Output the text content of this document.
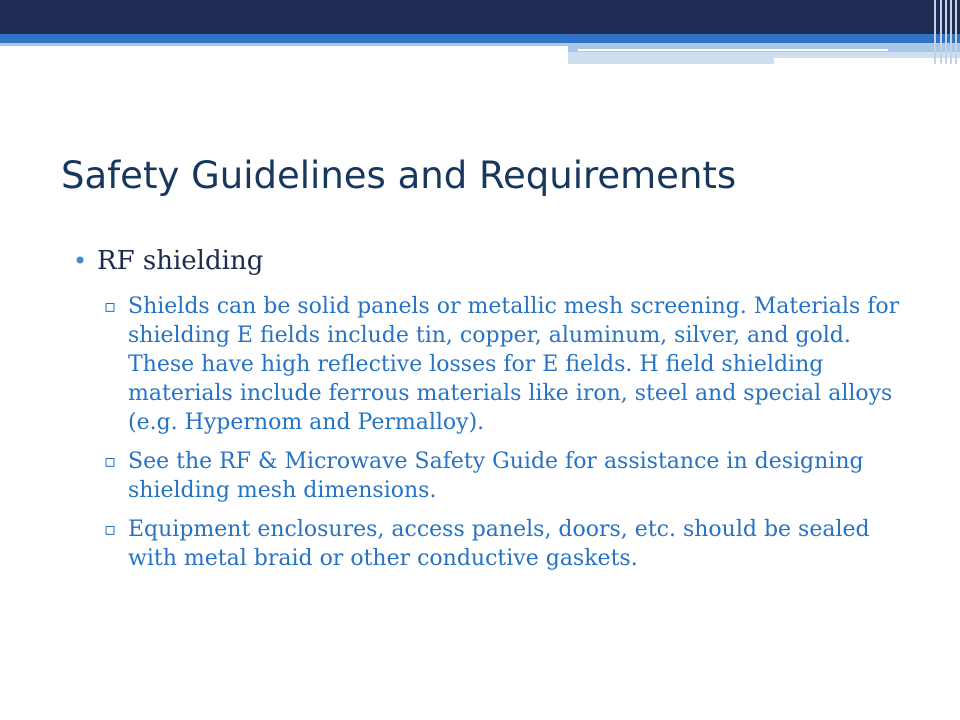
Safety Guidelines and Requirements
• RF shielding
▫ Shields can be solid panels or metallic mesh screening. Materials for shielding E fields include tin, copper, aluminum, silver, and gold. These have high reflective losses for E fields. H field shielding materials include ferrous materials like iron, steel and special alloys (e.g. Hypernom and Permalloy).
▫ See the RF & Microwave Safety Guide for assistance in designing shielding mesh dimensions.
▫ Equipment enclosures, access panels, doors, etc. should be sealed with metal braid or other conductive gaskets.
